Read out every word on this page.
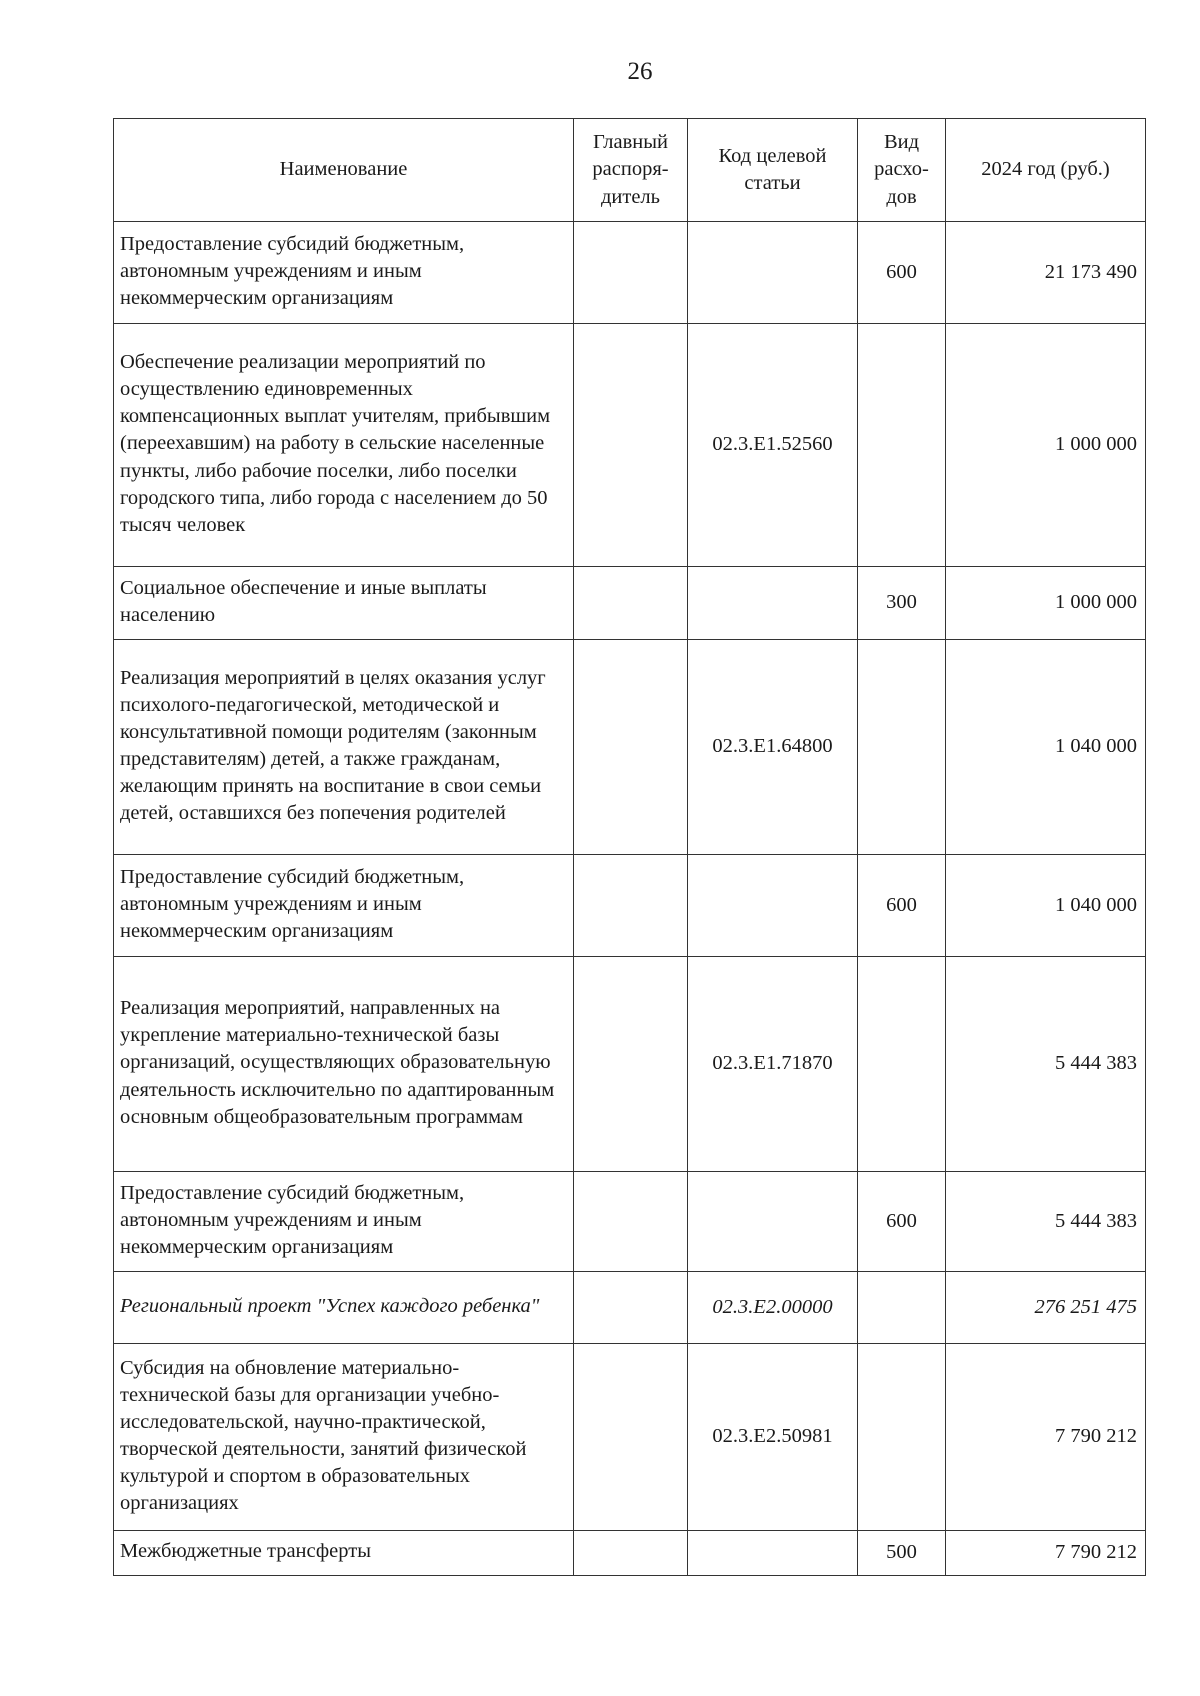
26
Наименование	Главный распоря-дитель	Код целевой статьи	Вид расхо-дов	2024 год (руб.)
Предоставление субсидий бюджетным, автономным учреждениям и иным некоммерческим организациям			600	21 173 490
Обеспечение реализации мероприятий по осуществлению единовременных компенсационных выплат учителям, прибывшим (переехавшим) на работу в сельские населенные пункты, либо рабочие поселки, либо поселки городского типа, либо города с населением до 50 тысяч человек		02.3.Е1.52560		1 000 000
Социальное обеспечение и иные выплаты населению			300	1 000 000
Реализация мероприятий в целях оказания услуг психолого-педагогической, методической и консультативной помощи родителям (законным представителям) детей, а также гражданам, желающим принять на воспитание в свои семьи детей, оставшихся без попечения родителей		02.3.Е1.64800		1 040 000
Предоставление субсидий бюджетным, автономным учреждениям и иным некоммерческим организациям			600	1 040 000
Реализация мероприятий, направленных на укрепление материально-технической базы организаций, осуществляющих образовательную деятельность исключительно по адаптированным основным общеобразовательным программам		02.3.Е1.71870		5 444 383
Предоставление субсидий бюджетным, автономным учреждениям и иным некоммерческим организациям			600	5 444 383
Региональный проект "Успех каждого ребенка"		02.3.Е2.00000		276 251 475
Субсидия на обновление материально-технической базы для организации учебно-исследовательской, научно-практической, творческой деятельности, занятий физической культурой и спортом в образовательных организациях		02.3.Е2.50981		7 790 212
Межбюджетные трансферты			500	7 790 212
